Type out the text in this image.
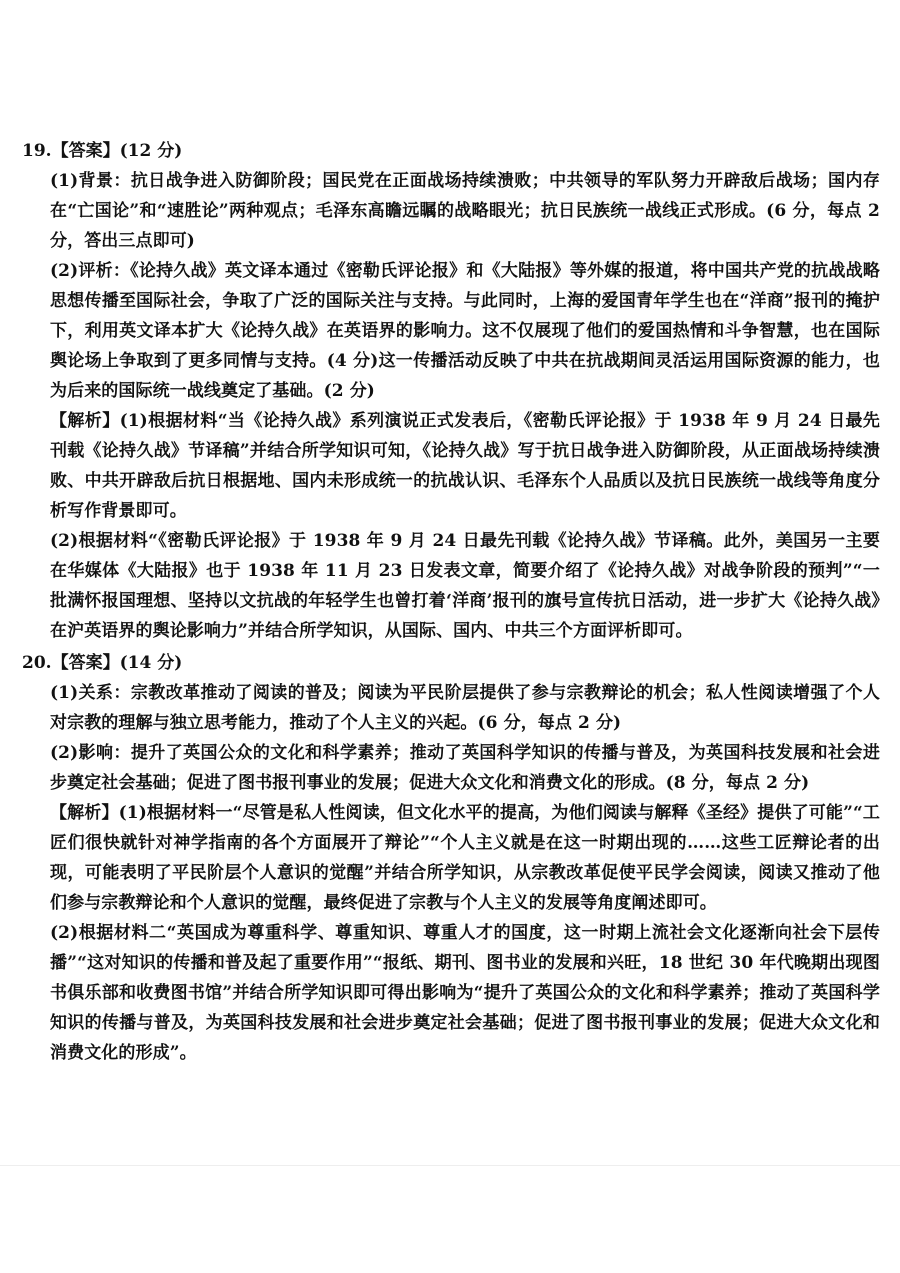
19.【答案】(12 分)

(1)背景：抗日战争进入防御阶段；国民党在正面战场持续溃败；中共领导的军队努力开辟敌后战场；国内存在“亡国论”和“速胜论”两种观点；毛泽东高瞻远瞩的战略眼光；抗日民族统一战线正式形成。(6 分，每点 2 分，答出三点即可)

(2)评析：《论持久战》英文译本通过《密勒氏评论报》和《大陆报》等外媒的报道，将中国共产党的抗战战略思想传播至国际社会，争取了广泛的国际关注与支持。与此同时，上海的爱国青年学生也在“洋商”报刊的掩护下，利用英文译本扩大《论持久战》在英语界的影响力。这不仅展现了他们的爱国热情和斗争智慧，也在国际舆论场上争取到了更多同情与支持。(4 分)这一传播活动反映了中共在抗战期间灵活运用国际资源的能力，也为后来的国际统一战线奠定了基础。(2 分)

【解析】(1)根据材料“当《论持久战》系列演说正式发表后，《密勒氏评论报》于 1938 年 9 月 24 日最先刊载《论持久战》节译稿”并结合所学知识可知，《论持久战》写于抗日战争进入防御阶段，从正面战场持续溃败、中共开辟敌后抗日根据地、国内未形成统一的抗战认识、毛泽东个人品质以及抗日民族统一战线等角度分析写作背景即可。

(2)根据材料“《密勒氏评论报》于 1938 年 9 月 24 日最先刊载《论持久战》节译稿。此外，美国另一主要在华媒体《大陆报》也于 1938 年 11 月 23 日发表文章，简要介绍了《论持久战》对战争阶段的预判”“一批满怀报国理想、坚持以文抗战的年轻学生也曾打着‘洋商’报刊的旗号宣传抗日活动，进一步扩大《论持久战》在沪英语界的舆论影响力”并结合所学知识，从国际、国内、中共三个方面评析即可。

20.【答案】(14 分)

(1)关系：宗教改革推动了阅读的普及；阅读为平民阶层提供了参与宗教辩论的机会；私人性阅读增强了个人对宗教的理解与独立思考能力，推动了个人主义的兴起。(6 分，每点 2 分)

(2)影响：提升了英国公众的文化和科学素养；推动了英国科学知识的传播与普及，为英国科技发展和社会进步奠定社会基础；促进了图书报刊事业的发展；促进大众文化和消费文化的形成。(8 分，每点 2 分)

【解析】(1)根据材料一“尽管是私人性阅读，但文化水平的提高，为他们阅读与解释《圣经》提供了可能”“工匠们很快就针对神学指南的各个方面展开了辩论”“个人主义就是在这一时期出现的……这些工匠辩论者的出现，可能表明了平民阶层个人意识的觉醒”并结合所学知识，从宗教改革促使平民学会阅读，阅读又推动了他们参与宗教辩论和个人意识的觉醒，最终促进了宗教与个人主义的发展等角度阐述即可。

(2)根据材料二“英国成为尊重科学、尊重知识、尊重人才的国度，这一时期上流社会文化逐渐向社会下层传播”“这对知识的传播和普及起了重要作用”“报纸、期刊、图书业的发展和兴旺，18 世纪 30 年代晚期出现图书俱乐部和收费图书馆”并结合所学知识即可得出影响为“提升了英国公众的文化和科学素养；推动了英国科学知识的传播与普及，为英国科技发展和社会进步奠定社会基础；促进了图书报刊事业的发展；促进大众文化和消费文化的形成”。
